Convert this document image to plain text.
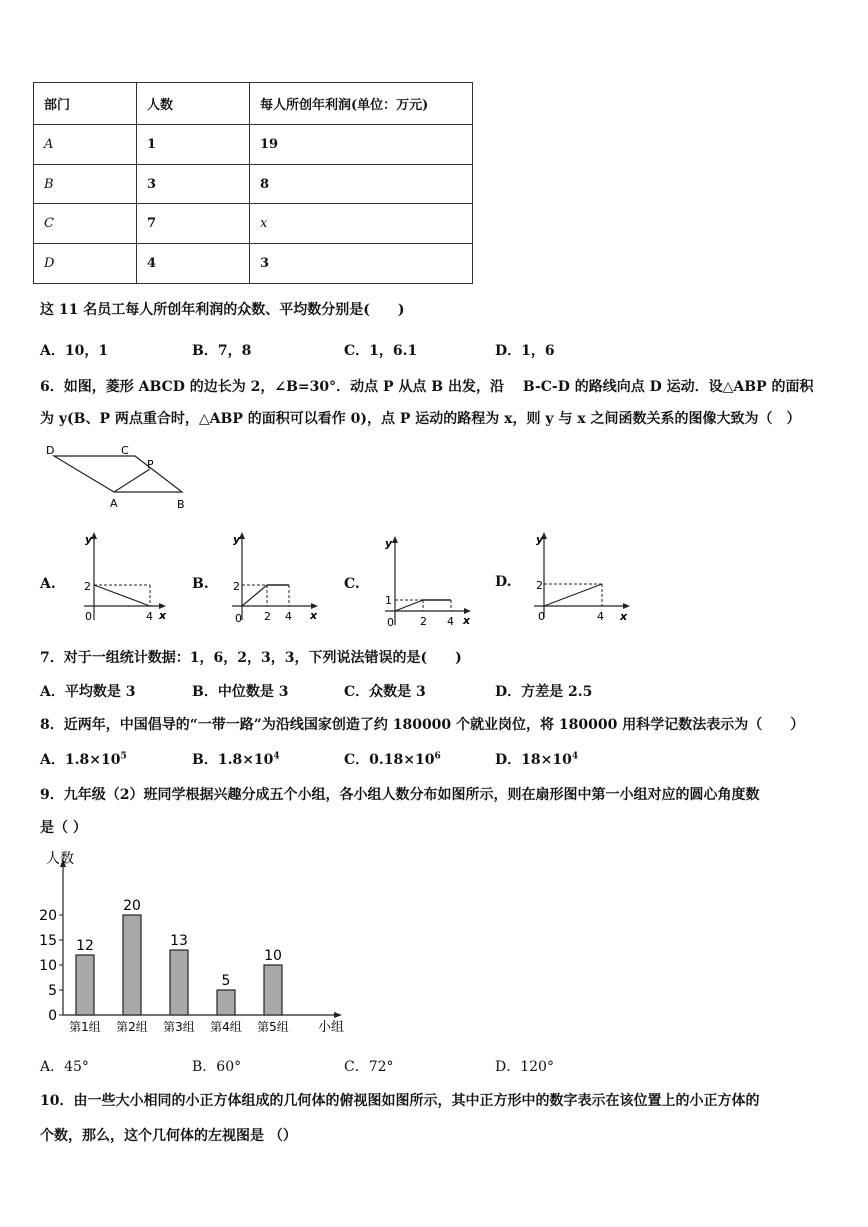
部门	人数	每人所创年利润(单位：万元)
A	1	19
B	3	8
C	7	x
D	4	3
这 11 名员工每人所创年利润的众数、平均数分别是(　　)
A．10，1	B．7，8	C．1，6.1	D．1，6
6．如图，菱形 ABCD 的边长为 2，∠B=30°．动点 P 从点 B 出发，沿　 B-C-D 的路线向点 D 运动．设△ABP 的面积
为 y(B、P 两点重合时，△ABP 的面积可以看作 0)，点 P 运动的路程为 x，则 y 与 x 之间函数关系的图像大致为（　）
D	C
P
A	B
A.
y
x
2
0	4
B.
y
x
2
0 2 4
C.
y
x
1
0 2 4
D.
y
x
2
0	4
7．对于一组统计数据：1，6，2，3，3，下列说法错误的是(　　)
A．平均数是 3	B．中位数是 3	C．众数是 3	D．方差是 2.5
8．近两年，中国倡导的“一带一路”为沿线国家创造了约 180000 个就业岗位，将 180000 用科学记数法表示为（　　）
A．$1.8\times 10^5$	B．$1.8\times 10^4$	C．$0.18\times 10^6$	D．$18\times 10^4$
9．九年级（2）班同学根据兴趣分成五个小组，各小组人数分布如图所示，则在扇形图中第一小组对应的圆心角度数
是（ ）
人数
小组
0
5
10
15
20
12
第1组
20
第2组
13
第3组
5
第4组
10
第5组
A．45°	B．60°	C．72°	D．120°
10．由一些大小相同的小正方体组成的几何体的俯视图如图所示，其中正方形中的数字表示在该位置上的小正方体的
个数，那么，这个几何体的左视图是 （）
